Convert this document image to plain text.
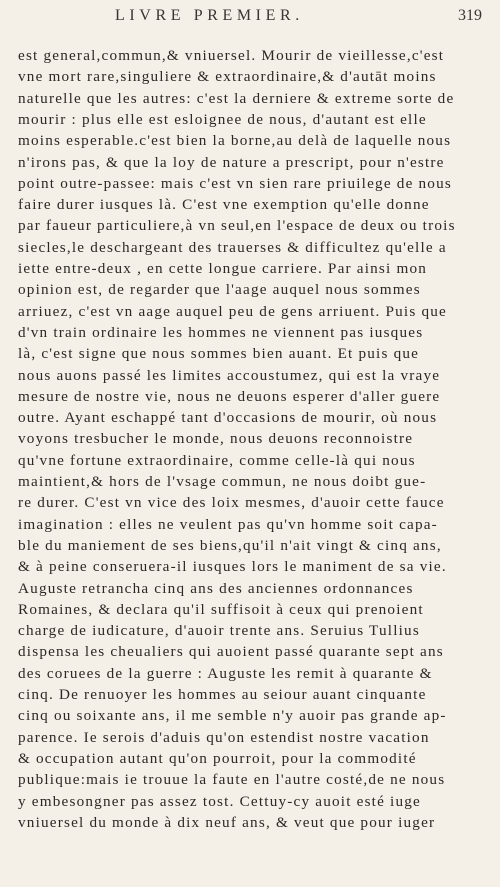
LIVRE PREMIER.	319
est general,commun,& vniuersel. Mourir de vieillesse,c'est
vne mort rare,singuliere & extraordinaire,& d'autāt moins
naturelle que les autres: c'est la derniere & extreme sorte de
mourir : plus elle est esloignee de nous, d'autant est elle
moins esperable.c'est bien la borne,au delà de laquelle nous
n'irons pas, & que la loy de nature a prescript, pour n'estre
point outre-passee: mais c'est vn sien rare priuilege de nous
faire durer iusques là. C'est vne exemption qu'elle donne
par faueur particuliere,à vn seul,en l'espace de deux ou trois
siecles,le deschargeant des trauerses & difficultez qu'elle a
iette entre-deux , en cette longue carriere. Par ainsi mon
opinion est, de regarder que l'aage auquel nous sommes
arriuez, c'est vn aage auquel peu de gens arriuent. Puis que
d'vn train ordinaire les hommes ne viennent pas iusques
là, c'est signe que nous sommes bien auant. Et puis que
nous auons passé les limites accoustumez, qui est la vraye
mesure de nostre vie, nous ne deuons esperer d'aller guere
outre. Ayant eschappé tant d'occasions de mourir, où nous
voyons tresbucher le monde, nous deuons reconnoistre
qu'vne fortune extraordinaire, comme celle-là qui nous
maintient,& hors de l'vsage commun, ne nous doibt gue-
re durer. C'est vn vice des loix mesmes, d'auoir cette fauce
imagination : elles ne veulent pas qu'vn homme soit capa-
ble du maniement de ses biens,qu'il n'ait vingt & cinq ans,
& à peine conseruera-il iusques lors le maniment de sa vie.
Auguste retrancha cinq ans des anciennes ordonnances
Romaines, & declara qu'il suffisoit à ceux qui prenoient
charge de iudicature, d'auoir trente ans. Seruius Tullius
dispensa les cheualiers qui auoient passé quarante sept ans
des coruees de la guerre : Auguste les remit à quarante &
cinq. De renuoyer les hommes au seiour auant cinquante
cinq ou soixante ans, il me semble n'y auoir pas grande ap-
parence. Ie serois d'aduis qu'on estendist nostre vacation
& occupation autant qu'on pourroit, pour la commodité
publique:mais ie trouue la faute en l'autre costé,de ne nous
y embesongner pas assez tost. Cettuy-cy auoit esté iuge
vniuersel du monde à dix neuf ans, & veut que pour iuger
